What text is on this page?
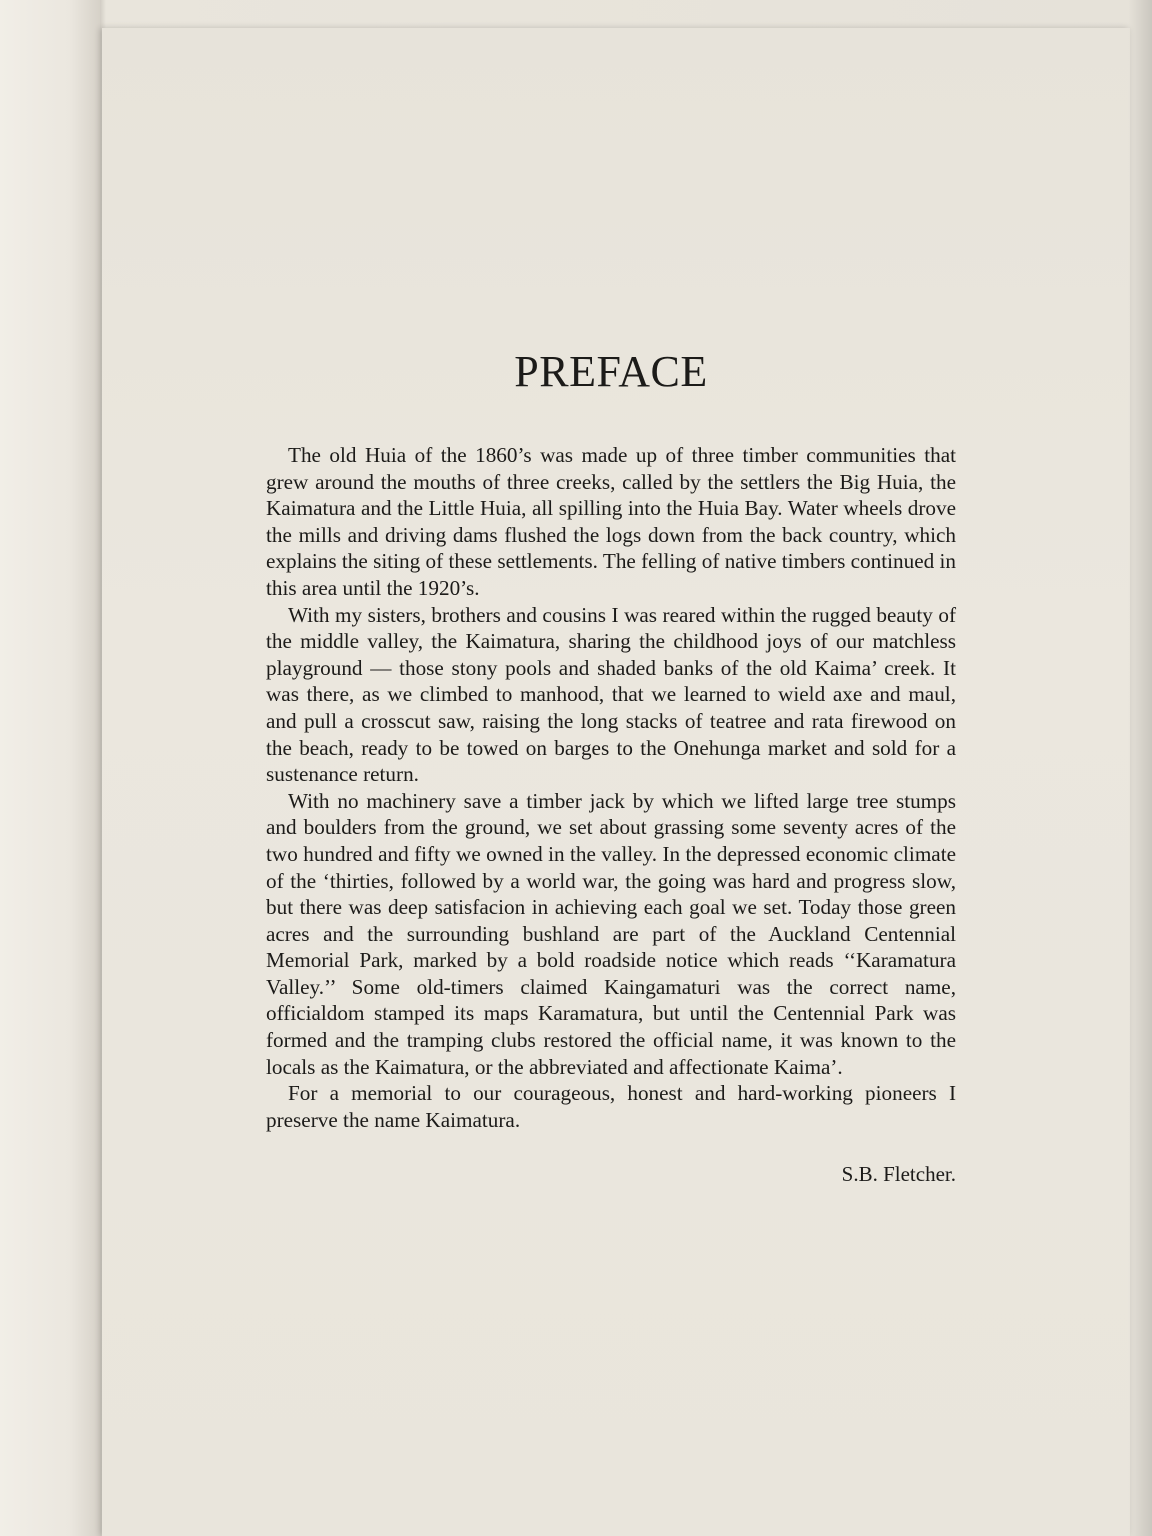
PREFACE

The old Huia of the 1860’s was made up of three timber communities that grew around the mouths of three creeks, called by the settlers the Big Huia, the Kaimatura and the Little Huia, all spilling into the Huia Bay. Water wheels drove the mills and driving dams flushed the logs down from the back country, which explains the siting of these settlements. The felling of native timbers continued in this area until the 1920’s.

With my sisters, brothers and cousins I was reared within the rugged beauty of the middle valley, the Kaimatura, sharing the childhood joys of our matchless playground — those stony pools and shaded banks of the old Kaima’ creek. It was there, as we climbed to manhood, that we learned to wield axe and maul, and pull a crosscut saw, raising the long stacks of teatree and rata firewood on the beach, ready to be towed on barges to the Onehunga market and sold for a sustenance return.

With no machinery save a timber jack by which we lifted large tree stumps and boulders from the ground, we set about grassing some seventy acres of the two hundred and fifty we owned in the valley. In the depressed economic climate of the ‘thirties, followed by a world war, the going was hard and progress slow, but there was deep satisfacion in achieving each goal we set. Today those green acres and the surrounding bushland are part of the Auckland Centennial Memorial Park, marked by a bold roadside notice which reads ‘‘Karamatura Valley.’’ Some old-timers claimed Kaingamaturi was the correct name, officialdom stamped its maps Karamatura, but until the Centennial Park was formed and the tramping clubs restored the official name, it was known to the locals as the Kaimatura, or the abbreviated and affectionate Kaima’.

For a memorial to our courageous, honest and hard-working pioneers I preserve the name Kaimatura.

S.B. Fletcher.
